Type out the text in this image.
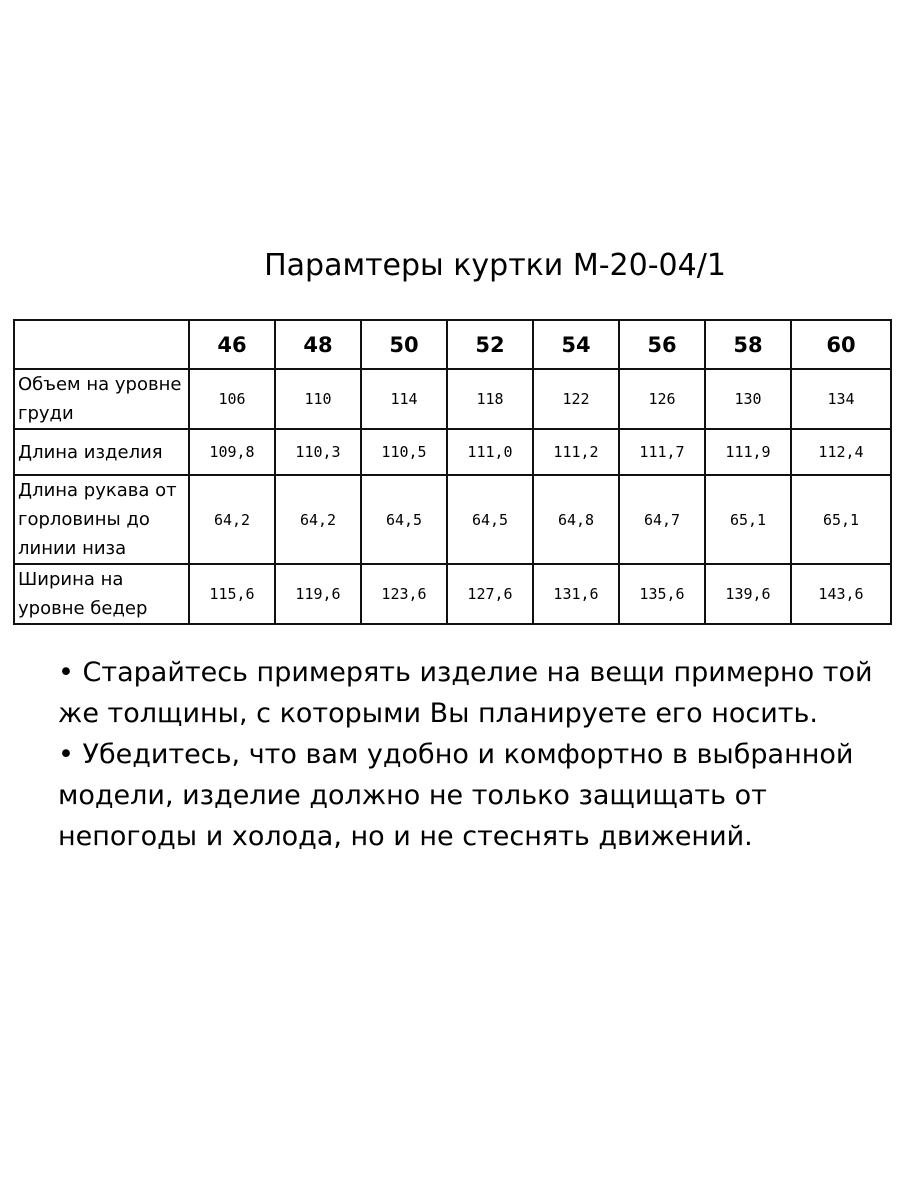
Парамтеры куртки М-20-04/1
	46	48	50	52	54	56	58	60
Объем на уровне груди	106	110	114	118	122	126	130	134
Длина изделия	109,8	110,3	110,5	111,0	111,2	111,7	111,9	112,4
Длина рукава от горловины до линии низа	64,2	64,2	64,5	64,5	64,8	64,7	65,1	65,1
Ширина на уровне бедер	115,6	119,6	123,6	127,6	131,6	135,6	139,6	143,6

• Старайтесь примерять изделие на вещи примерно той же толщины, с которыми Вы планируете его носить.

• Убедитесь, что вам удобно и комфортно в выбранной модели, изделие должно не только защищать от непогоды и холода, но и не стеснять движений.
